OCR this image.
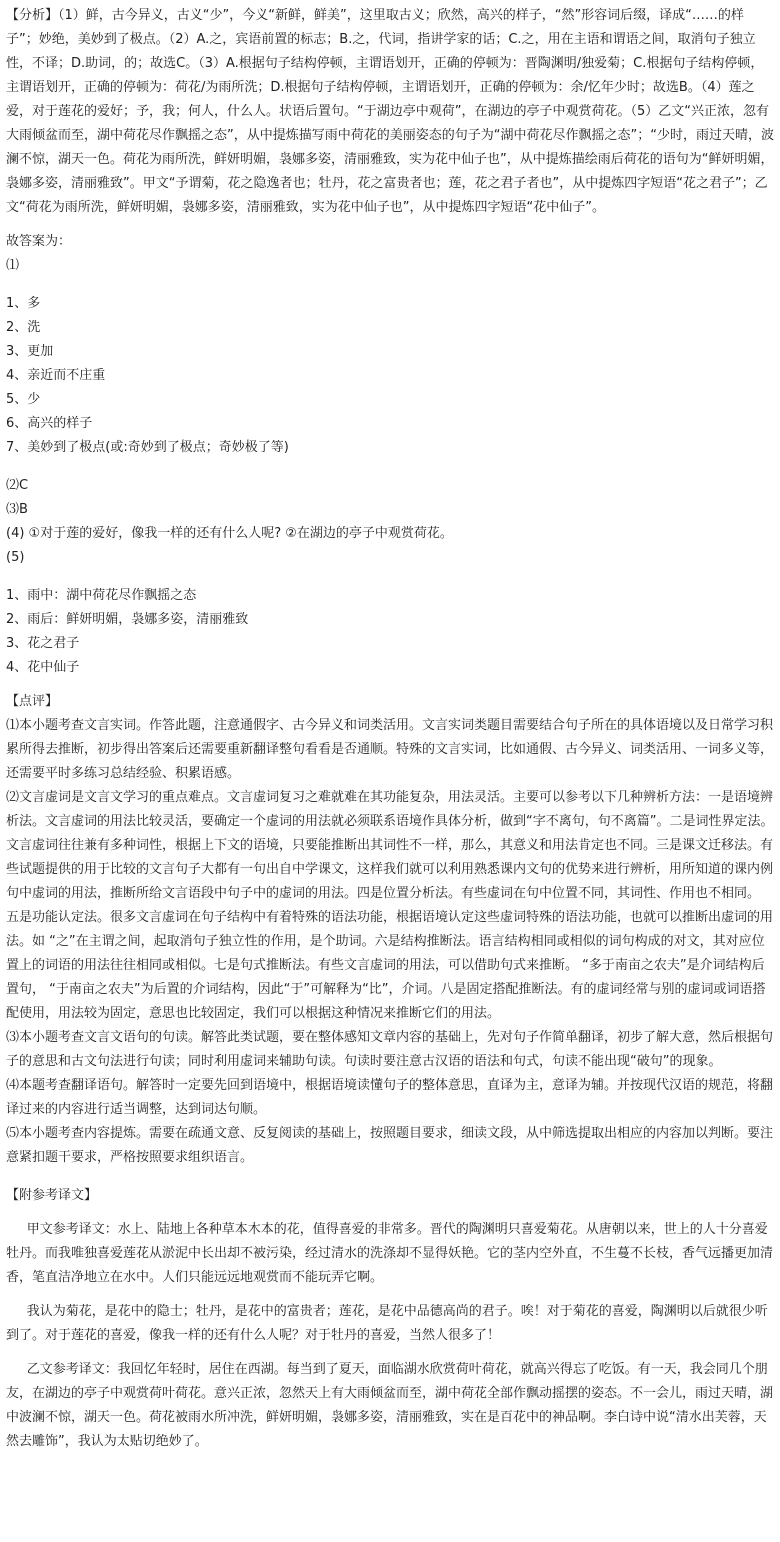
【分析】（1）鲜，古今异义，古义“少”，今义“新鲜，鲜美”，这里取古义；欣然，高兴的样子，“然”形容词后缀，译成“……的样子”；妙绝，美妙到了极点。（2）A.之，宾语前置的标志；B.之，代词，指讲学家的话；C.之，用在主语和谓语之间，取消句子独立性，不译；D.助词，的；故选C。（3）A.根据句子结构停顿，主谓语划开，正确的停顿为：晋陶渊明/独爱菊；C.根据句子结构停顿，主谓语划开，正确的停顿为：荷花/为雨所洗；D.根据句子结构停顿，主谓语划开，正确的停顿为：余/忆年少时；故选B。（4）莲之爱，对于莲花的爱好；予，我；何人，什么人。状语后置句。“于湖边亭中观荷”，在湖边的亭子中观赏荷花。（5）乙文“兴正浓，忽有大雨倾盆而至，湖中荷花尽作飘摇之态”，从中提炼描写雨中荷花的美丽姿态的句子为“湖中荷花尽作飘摇之态”；“少时，雨过天晴，波澜不惊，湖天一色。荷花为雨所洗，鲜妍明媚，袅娜多姿，清丽雅致，实为花中仙子也”，从中提炼描绘雨后荷花的语句为“鲜妍明媚，袅娜多姿，清丽雅致”。甲文“予谓菊，花之隐逸者也；牡丹，花之富贵者也；莲，花之君子者也”，从中提炼四字短语“花之君子”；乙文“荷花为雨所洗，鲜妍明媚，袅娜多姿，清丽雅致，实为花中仙子也”，从中提炼四字短语“花中仙子”。

故答案为：

⑴

1、多
2、洗
3、更加
4、亲近而不庄重
5、少
6、高兴的样子
7、美妙到了极点(或:奇妙到了极点；奇妙极了等)

⑵C

⑶B

(4) ①对于莲的爱好，像我一样的还有什么人呢? ②在湖边的亭子中观赏荷花。

(5)

1、雨中：湖中荷花尽作飘摇之态
2、雨后：鲜妍明媚，袅娜多姿，清丽雅致
3、花之君子
4、花中仙子

【点评】

⑴本小题考查文言实词。作答此题，注意通假字、古今异义和词类活用。文言实词类题目需要结合句子所在的具体语境以及日常学习积累所得去推断，初步得出答案后还需要重新翻译整句看看是否通顺。特殊的文言实词，比如通假、古今异义、词类活用、一词多义等，还需要平时多练习总结经验、积累语感。

⑵文言虚词是文言文学习的重点难点。文言虚词复习之难就难在其功能复杂，用法灵活。主要可以参考以下几种辨析方法：一是语境辨析法。文言虚词的用法比较灵活，要确定一个虚词的用法就必须联系语境作具体分析，做到“字不离句，句不离篇”。二是词性界定法。文言虚词往往兼有多种词性，根据上下文的语境，只要能推断出其词性不一样，那么，其意义和用法肯定也不同。三是课文迁移法。有些试题提供的用于比较的文言句子大都有一句出自中学课文，这样我们就可以利用熟悉课内文句的优势来进行辨析，用所知道的课内例句中虚词的用法，推断所给文言语段中句子中的虚词的用法。四是位置分析法。有些虚词在句中位置不同，其词性、作用也不相同。 五是功能认定法。很多文言虚词在句子结构中有着特殊的语法功能，根据语境认定这些虚词特殊的语法功能，也就可以推断出虚词的用法。如 “之”在主谓之间，起取消句子独立性的作用，是个助词。六是结构推断法。语言结构相同或相似的词句构成的对文，其对应位置上的词语的用法往往相同或相似。七是句式推断法。有些文言虚词的用法，可以借助句式来推断。 “多于南亩之农夫”是介词结构后置句， “于南亩之农夫”为后置的介词结构，因此“于”可解释为“比”，介词。八是固定搭配推断法。有的虚词经常与别的虚词或词语搭配使用，用法较为固定，意思也比较固定，我们可以根据这种情况来推断它们的用法。

⑶本小题考查文言文语句的句读。解答此类试题，要在整体感知文章内容的基础上，先对句子作简单翻译，初步了解大意，然后根据句子的意思和古文句法进行句读；同时利用虚词来辅助句读。句读时要注意古汉语的语法和句式，句读不能出现“破句”的现象。

⑷本题考查翻译语句。解答时一定要先回到语境中，根据语境读懂句子的整体意思，直译为主，意译为辅。并按现代汉语的规范，将翻译过来的内容进行适当调整，达到词达句顺。

⑸本小题考查内容提炼。需要在疏通文意、反复阅读的基础上，按照题目要求，细读文段，从中筛选提取出相应的内容加以判断。要注意紧扣题干要求，严格按照要求组织语言。

【附参考译文】

甲文参考译文：水上、陆地上各种草本木本的花，值得喜爱的非常多。晋代的陶渊明只喜爱菊花。从唐朝以来，世上的人十分喜爱牡丹。而我唯独喜爱莲花从淤泥中长出却不被污染，经过清水的洗涤却不显得妖艳。它的茎内空外直，不生蔓不长枝，香气远播更加清香，笔直洁净地立在水中。人们只能远远地观赏而不能玩弄它啊。

我认为菊花，是花中的隐士；牡丹，是花中的富贵者；莲花，是花中品德高尚的君子。唉！对于菊花的喜爱，陶渊明以后就很少听到了。对于莲花的喜爱，像我一样的还有什么人呢？对于牡丹的喜爱，当然人很多了！

乙文参考译文：我回忆年轻时，居住在西湖。每当到了夏天，面临湖水欣赏荷叶荷花，就高兴得忘了吃饭。有一天，我会同几个朋友，在湖边的亭子中观赏荷叶荷花。意兴正浓，忽然天上有大雨倾盆而至，湖中荷花全部作飘动摇摆的姿态。不一会儿，雨过天晴，湖中波澜不惊，湖天一色。荷花被雨水所冲洗，鲜妍明媚，袅娜多姿，清丽雅致，实在是百花中的神品啊。李白诗中说“清水出芙蓉，天然去雕饰”，我认为太贴切绝妙了。
